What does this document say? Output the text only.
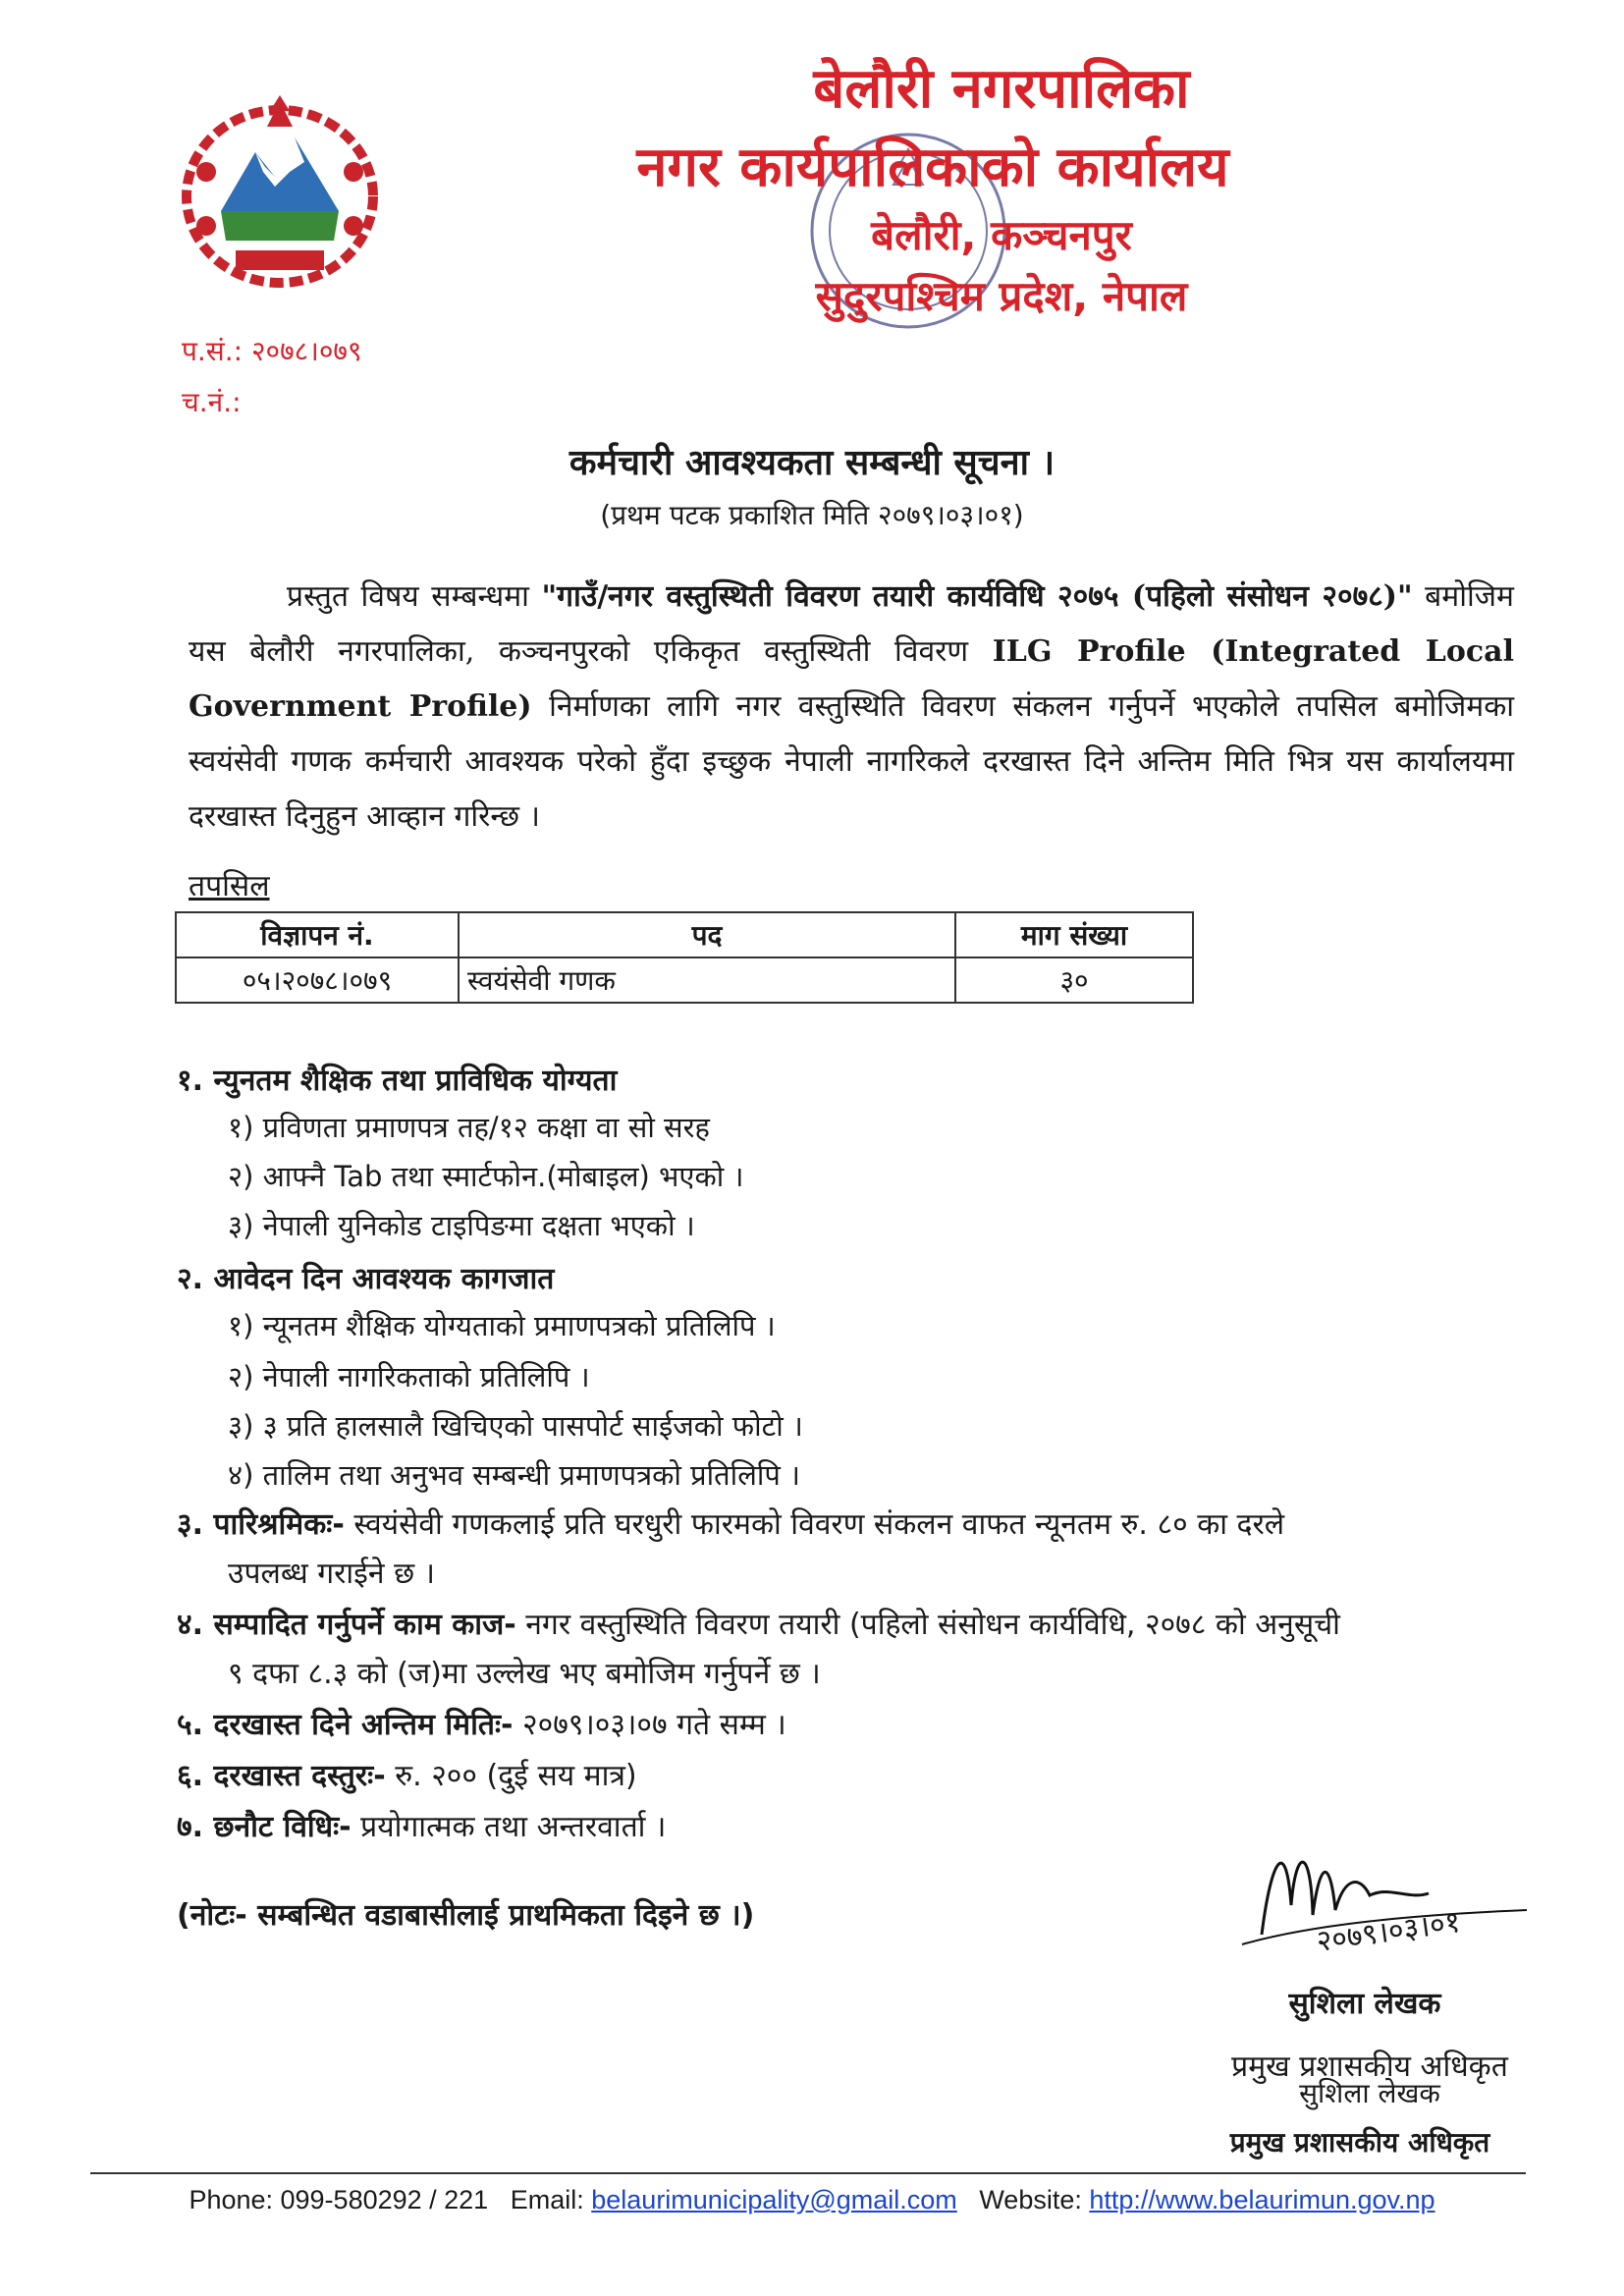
बेलौरी नगरपालिका
नगर कार्यपालिकाको कार्यालय
बेलौरी, कञ्चनपुर
सुदुरपश्चिम प्रदेश, नेपाल
प.सं.: २०७८।०७९
च.नं.:
कर्मचारी आवश्यकता सम्बन्धी सूचना ।
(प्रथम पटक प्रकाशित मिति २०७९।०३।०१)
प्रस्तुत विषय सम्बन्धमा "गाउँ/नगर वस्तुस्थिती विवरण तयारी कार्यविधि २०७५ (पहिलो संसोधन २०७८)" बमोजिम यस बेलौरी नगरपालिका, कञ्चनपुरको एकिकृत वस्तुस्थिती विवरण ILG Profile (Integrated Local Government Profile) निर्माणका लागि नगर वस्तुस्थिति विवरण संकलन गर्नुपर्ने भएकोले तपसिल बमोजिमका स्वयंसेवी गणक कर्मचारी आवश्यक परेको हुँदा इच्छुक नेपाली नागरिकले दरखास्त दिने अन्तिम मिति भित्र यस कार्यालयमा दरखास्त दिनुहुन आव्हान गरिन्छ ।
तपसिल
विज्ञापन नं.	पद	माग संख्या
०५।२०७८।०७९	स्वयंसेवी गणक	३०
१. न्युनतम शैक्षिक तथा प्राविधिक योग्यता
१) प्रविणता प्रमाणपत्र तह/१२ कक्षा वा सो सरह
२) आफ्नै Tab तथा स्मार्टफोन.(मोबाइल) भएको ।
३) नेपाली युनिकोड टाइपिङमा दक्षता भएको ।
२. आवेदन दिन आवश्यक कागजात
१) न्यूनतम शैक्षिक योग्यताको प्रमाणपत्रको प्रतिलिपि ।
२) नेपाली नागरिकताको प्रतिलिपि ।
३) ३ प्रति हालसालै खिचिएको पासपोर्ट साईजको फोटो ।
४) तालिम तथा अनुभव सम्बन्धी प्रमाणपत्रको प्रतिलिपि ।
३. पारिश्रमिकः- स्वयंसेवी गणकलाई प्रति घरधुरी फारमको विवरण संकलन वाफत न्यूनतम रु. ८० का दरले
उपलब्ध गराईने छ ।
४. सम्पादित गर्नुपर्ने काम काज- नगर वस्तुस्थिति विवरण तयारी (पहिलो संसोधन कार्यविधि, २०७८ को अनुसूची
९ दफा ८.३ को (ज)मा उल्लेख भए बमोजिम गर्नुपर्ने छ ।
५. दरखास्त दिने अन्तिम मितिः- २०७९।०३।०७ गते सम्म ।
६. दरखास्त दस्तुरः- रु. २०० (दुई सय मात्र)
७. छनौट विधिः- प्रयोगात्मक तथा अन्तरवार्ता ।
(नोटः- सम्बन्धित वडाबासीलाई प्राथमिकता दिइने छ ।)	२०७९।०३।०१
सुशिला लेखक
प्रमुख प्रशासकीय अधिकृत
सुशिला लेखक
प्रमुख प्रशासकीय अधिकृत
Phone: 099-580292 / 221 Email: belaurimunicipality@gmail.com Website: http://www.belaurimun.gov.np
